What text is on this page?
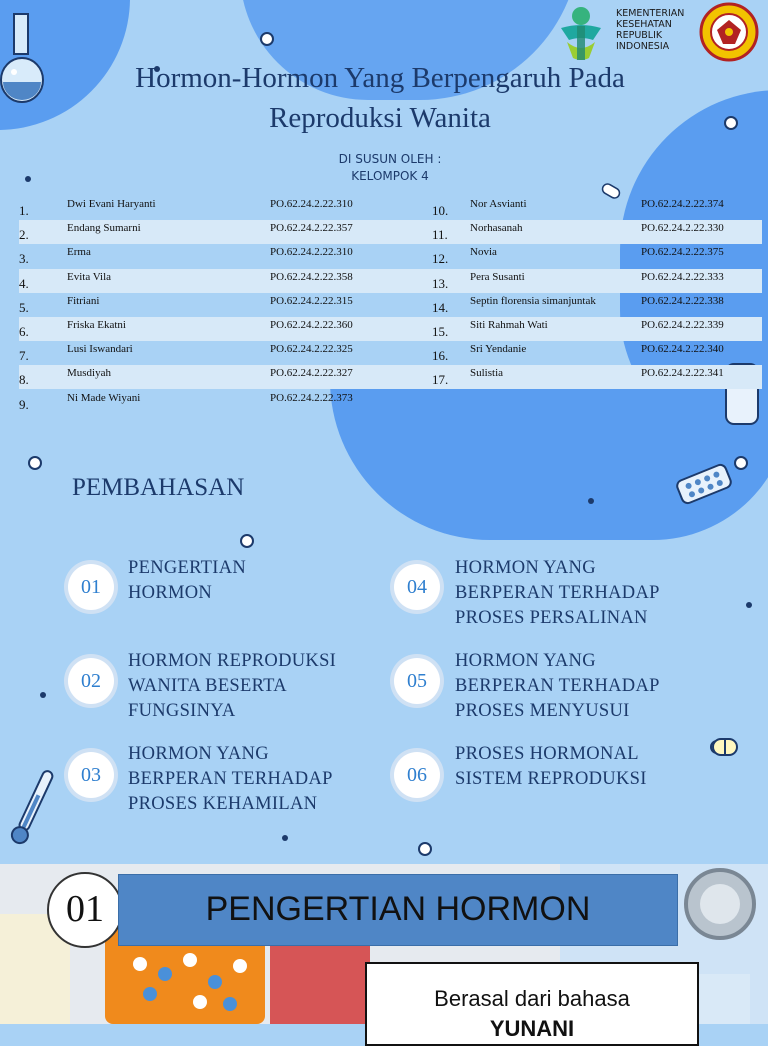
KEMENTERIAN
KESEHATAN
REPUBLIK
INDONESIA
Hormon-Hormon Yang Berpengaruh Pada
Reproduksi Wanita
DI SUSUN OLEH :
KELOMPOK 4
1.	Dwi Evani Haryanti	PO.62.24.2.22.310	10. Nor Asvianti	PO.62.24.2.22.374
2.	Endang Sumarni	PO.62.24.2.22.357	11. Norhasanah	PO.62.24.2.22.330
3.	Erma	PO.62.24.2.22.310	12. Novia	PO.62.24.2.22.375
4.	Evita Vila	PO.62.24.2.22.358	13. Pera Susanti	PO.62.24.2.22.333
5.	Fitriani	PO.62.24.2.22.315	14. Septin florensia simanjuntak	PO.62.24.2.22.338
6.	Friska Ekatni	PO.62.24.2.22.360	15. Siti Rahmah Wati	PO.62.24.2.22.339
7.	Lusi Iswandari	PO.62.24.2.22.325	16. Sri Yendanie	PO.62.24.2.22.340
8.	Musdiyah	PO.62.24.2.22.327	17. Sulistia	PO.62.24.2.22.341
9.	Ni Made Wiyani	PO.62.24.2.22.373
PEMBAHASAN
01	PENGERTIAN HORMON
Berasal dari bahasa
YUNANI
01
PENGERTIAN
HORMON
02
HORMON REPRODUKSI
WANITA BESERTA
FUNGSINYA
03
HORMON YANG
BERPERAN TERHADAP
PROSES KEHAMILAN
04
HORMON YANG
BERPERAN TERHADAP
PROSES PERSALINAN
05
HORMON YANG
BERPERAN TERHADAP
PROSES MENYUSUI
06
PROSES HORMONAL
SISTEM REPRODUKSI
